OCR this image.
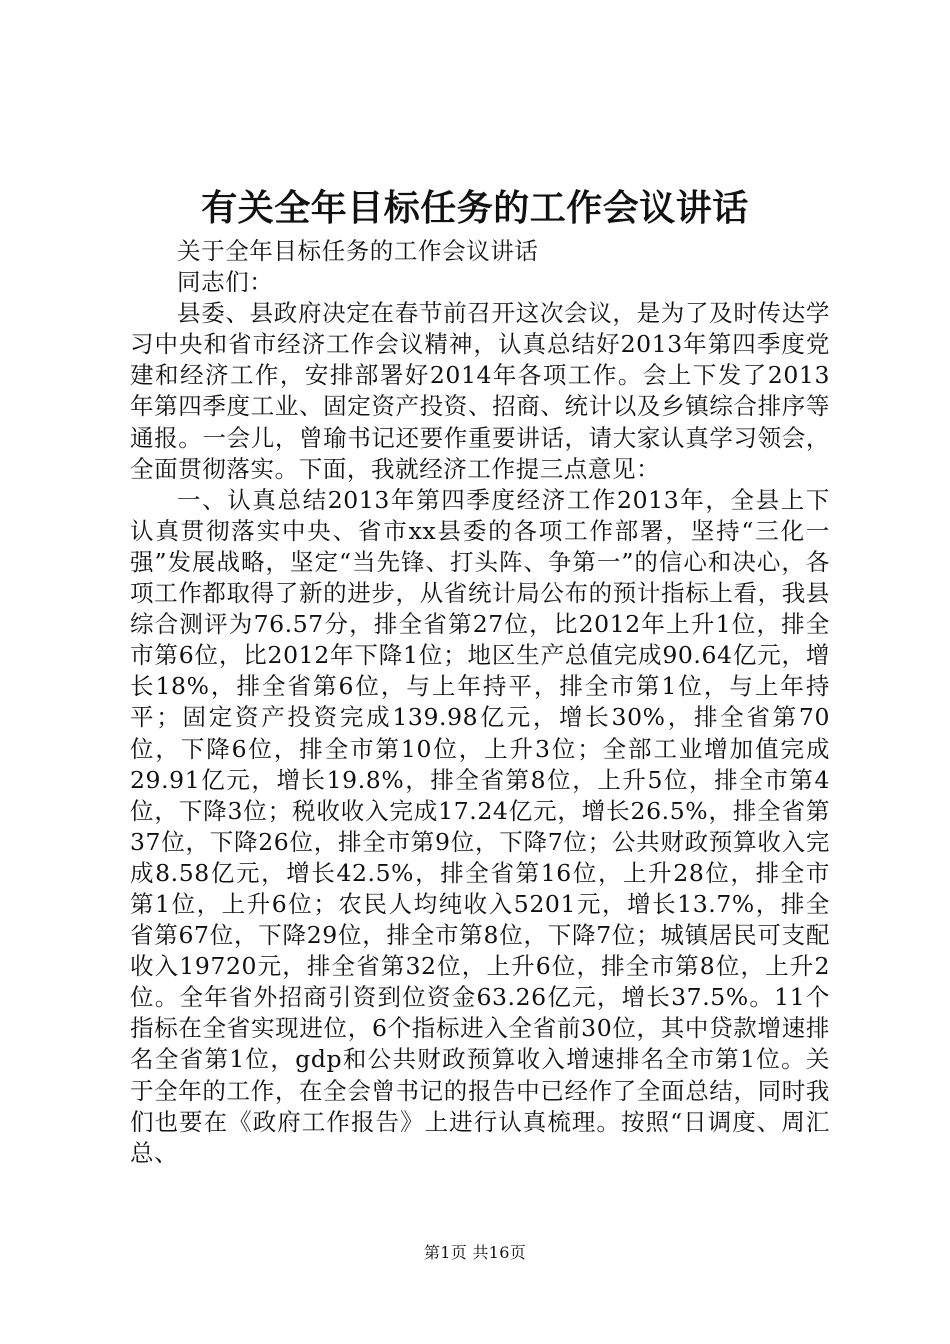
有关全年目标任务的工作会议讲话

关于全年目标任务的工作会议讲话

同志们：

县委、县政府决定在春节前召开这次会议，是为了及时传达学习中央和省市经济工作会议精神，认真总结好2013年第四季度党建和经济工作，安排部署好2014年各项工作。会上下发了2013年第四季度工业、固定资产投资、招商、统计以及乡镇综合排序等通报。一会儿，曾瑜书记还要作重要讲话，请大家认真学习领会，全面贯彻落实。下面，我就经济工作提三点意见：

一、认真总结2013年第四季度经济工作2013年，全县上下认真贯彻落实中央、省市xx县委的各项工作部署，坚持“三化一强”发展战略，坚定“当先锋、打头阵、争第一”的信心和决心，各项工作都取得了新的进步，从省统计局公布的预计指标上看，我县综合测评为76.57分，排全省第27位，比2012年上升1位，排全市第6位，比2012年下降1位；地区生产总值完成90.64亿元，增长18%，排全省第6位，与上年持平，排全市第1位，与上年持平；固定资产投资完成139.98亿元，增长30%，排全省第70位，下降6位，排全市第10位，上升3位；全部工业增加值完成29.91亿元，增长19.8%，排全省第8位，上升5位，排全市第4位，下降3位；税收收入完成17.24亿元，增长26.5%，排全省第37位，下降26位，排全市第9位，下降7位；公共财政预算收入完成8.58亿元，增长42.5%，排全省第16位，上升28位，排全市第1位，上升6位；农民人均纯收入5201元，增长13.7%，排全省第67位，下降29位，排全市第8位，下降7位；城镇居民可支配收入19720元，排全省第32位，上升6位，排全市第8位，上升2位。全年省外招商引资到位资金63.26亿元，增长37.5%。11个指标在全省实现进位，6个指标进入全省前30位，其中贷款增速排名全省第1位，gdp和公共财政预算收入增速排名全市第1位。关于全年的工作，在全会曾书记的报告中已经作了全面总结，同时我们也要在《政府工作报告》上进行认真梳理。按照“日调度、周汇总、

第1页 共16页
